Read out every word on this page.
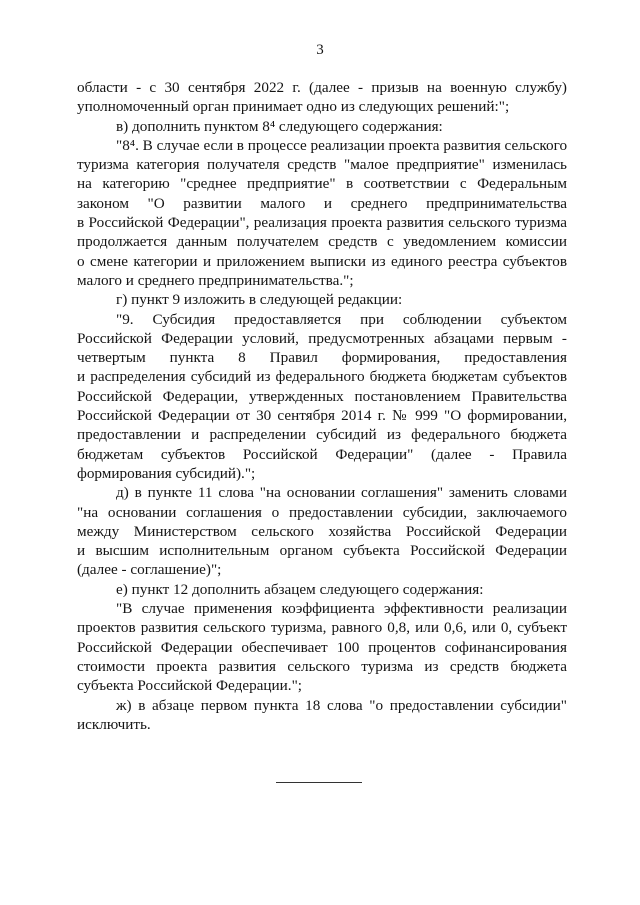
3
области - с 30 сентября 2022 г. (далее - призыв на военную службу)
уполномоченный орган принимает одно из следующих решений:";
в) дополнить пунктом 8⁴ следующего содержания:
"8⁴. В случае если в процессе реализации проекта развития сельского
туризма категория получателя средств "малое предприятие" изменилась
на категорию "среднее предприятие" в соответствии с Федеральным
законом "О развитии малого и среднего предпринимательства
в Российской Федерации", реализация проекта развития сельского туризма
продолжается данным получателем средств с уведомлением комиссии
о смене категории и приложением выписки из единого реестра субъектов
малого и среднего предпринимательства.";
г) пункт 9 изложить в следующей редакции:
"9. Субсидия предоставляется при соблюдении субъектом
Российской Федерации условий, предусмотренных абзацами первым -
четвертым пункта 8 Правил формирования, предоставления
и распределения субсидий из федерального бюджета бюджетам субъектов
Российской Федерации, утвержденных постановлением Правительства
Российской Федерации от 30 сентября 2014 г. № 999 "О формировании,
предоставлении и распределении субсидий из федерального бюджета
бюджетам субъектов Российской Федерации" (далее - Правила
формирования субсидий).";
д) в пункте 11 слова "на основании соглашения" заменить словами
"на основании соглашения о предоставлении субсидии, заключаемого
между Министерством сельского хозяйства Российской Федерации
и высшим исполнительным органом субъекта Российской Федерации
(далее - соглашение)";
е) пункт 12 дополнить абзацем следующего содержания:
"В случае применения коэффициента эффективности реализации
проектов развития сельского туризма, равного 0,8, или 0,6, или 0, субъект
Российской Федерации обеспечивает 100 процентов софинансирования
стоимости проекта развития сельского туризма из средств бюджета
субъекта Российской Федерации.";
ж) в абзаце первом пункта 18 слова "о предоставлении субсидии"
исключить.
